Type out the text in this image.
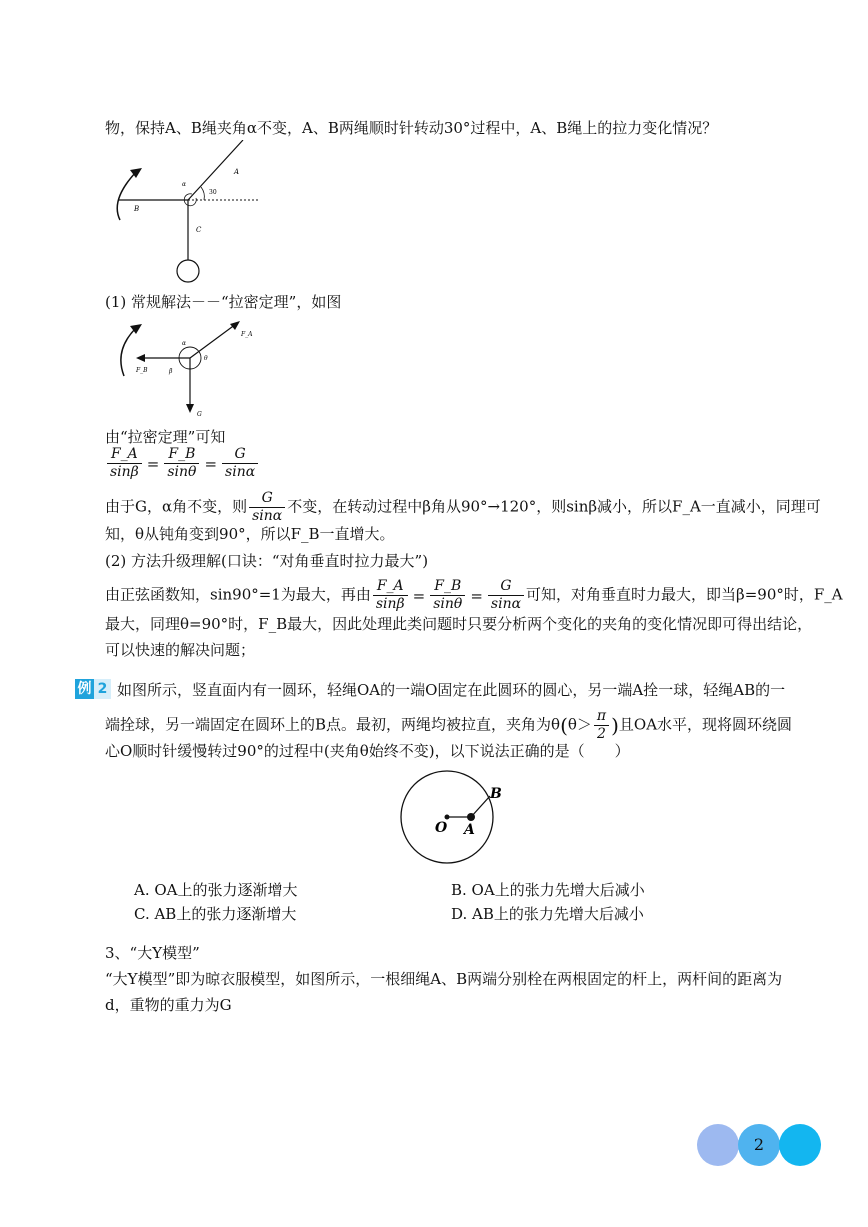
物，保持A、B绳夹角α不变，A、B两绳顺时针转动30°过程中，A、B绳上的拉力变化情况？
α
30
A
B
C
(1) 常规解法－－“拉密定理”，如图
F_A
F_B
G
α
β
θ
由“拉密定理”可知
$\frac{F\_A}{\sin\beta} = \frac{F\_B}{\sin\theta} = \frac{G}{\sin\alpha}$
由于G，α角不变，则 $\frac{G}{\sin\alpha}$ 不变，在转动过程中β角从90°→120°，则sinβ减小，所以F_A一直减小，同理可
知，θ从钝角变到90°，所以F_B一直增大。
(2) 方法升级理解(口诀：“对角垂直时拉力最大”)
由正弦函数知，sin90°=1为最大，再由 $\frac{F\_A}{\sin\beta} = \frac{F\_B}{\sin\theta} = \frac{G}{\sin\alpha}$ 可知，对角垂直时力最大，即当β=90°时，F_A
最大，同理θ=90°时，F_B最大，因此处理此类问题时只要分析两个变化的夹角的变化情况即可得出结论，
可以快速的解决问题；
例 2 如图所示，竖直面内有一圆环，轻绳OA的一端O固定在此圆环的圆心，另一端A拴一球，轻绳AB的一
端拴球，另一端固定在圆环上的B点。最初，两绳均被拉直，夹角为$\theta(\theta> \frac{\pi}{2}$ )且OA水平，现将圆环绕圆
心O顺时针缓慢转过90°的过程中(夹角θ始终不变)，以下说法正确的是（　　）
O A
B
A. OA上的张力逐渐增大	B. OA上的张力先增大后减小
C. AB上的张力逐渐增大	D. AB上的张力先增大后减小
3、“大Y模型”
“大Y模型”即为晾衣服模型，如图所示，一根细绳A、B两端分别栓在两根固定的杆上，两杆间的距离为
d，重物的重力为G
2
